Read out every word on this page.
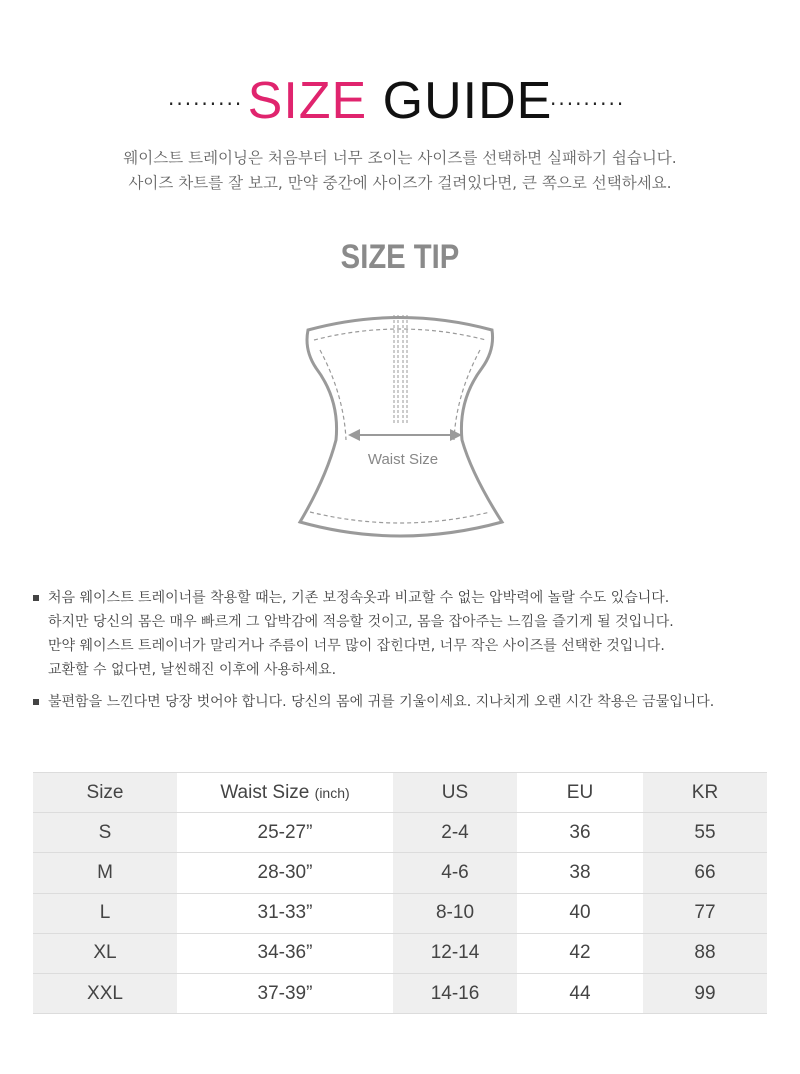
········· SIZE GUIDE
·········
웨이스트 트레이닝은 처음부터 너무 조이는 사이즈를 선택하면 실패하기 쉽습니다.
사이즈 차트를 잘 보고, 만약 중간에 사이즈가 걸려있다면, 큰 쪽으로 선택하세요.
SIZE TIP
Waist Size
처음 웨이스트 트레이너를 착용할 때는, 기존 보정속옷과 비교할 수 없는 압박력에 놀랄 수도 있습니다.
하지만 당신의 몸은 매우 빠르게 그 압박감에 적응할 것이고, 몸을 잡아주는 느낌을 즐기게 될 것입니다.
만약 웨이스트 트레이너가 말리거나 주름이 너무 많이 잡힌다면, 너무 작은 사이즈를 선택한 것입니다.
교환할 수 없다면, 날씬해진 이후에 사용하세요.
불편함을 느낀다면 당장 벗어야 합니다. 당신의 몸에 귀를 기울이세요. 지나치게 오랜 시간 착용은 금물입니다.
Size	Waist Size (inch)	US	EU	KR
S	25-27”	2-4	36	55
M	28-30”	4-6	38	66
L	31-33”	8-10	40	77
XL	34-36”	12-14	42	88
XXL	37-39”	14-16	44	99
